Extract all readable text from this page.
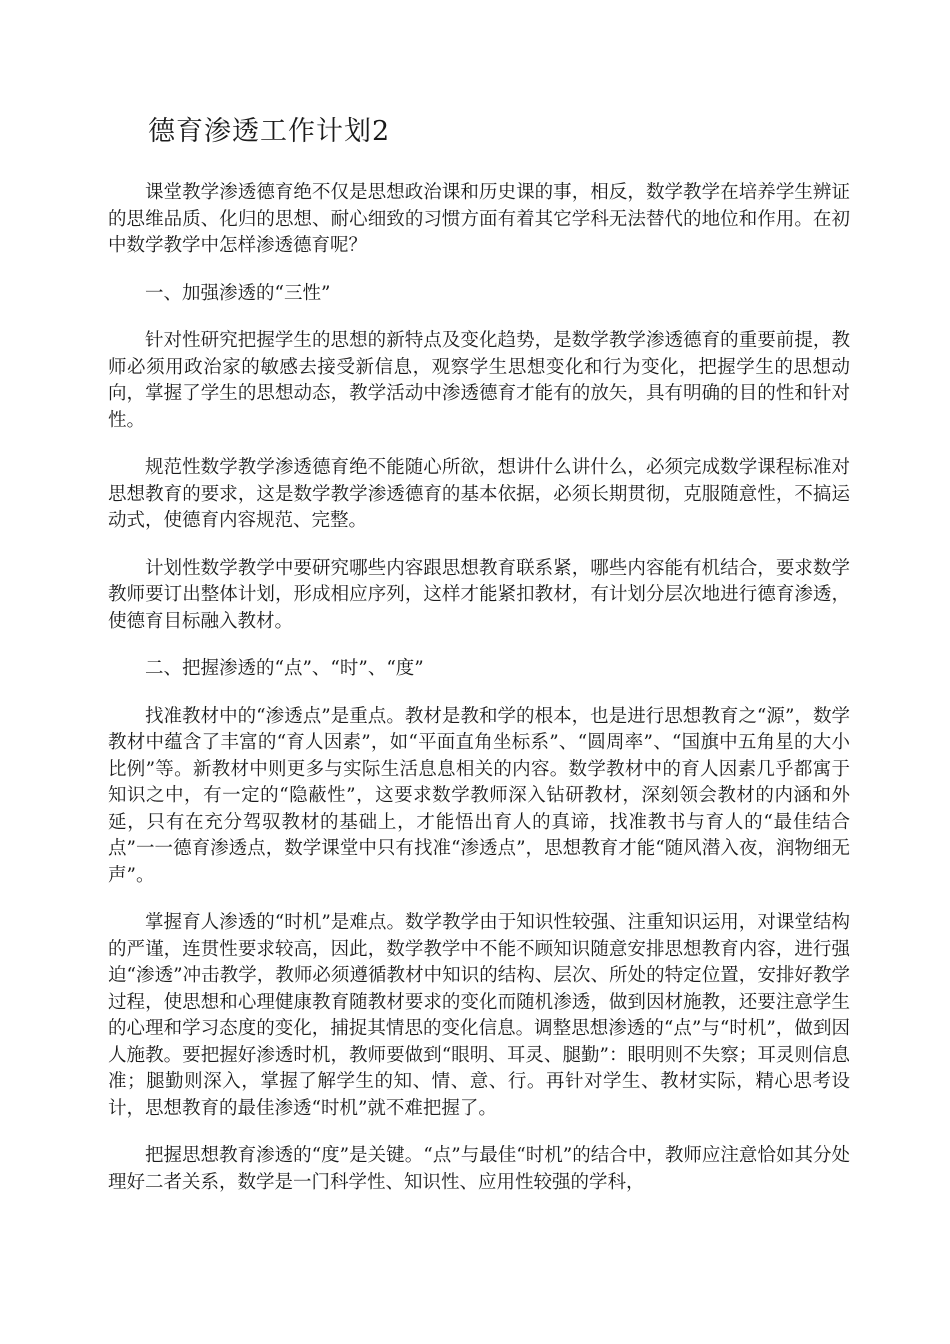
德育渗透工作计划2

课堂教学渗透德育绝不仅是思想政治课和历史课的事，相反，数学教学在培养学生辨证的思维品质、化归的思想、耐心细致的习惯方面有着其它学科无法替代的地位和作用。在初中数学教学中怎样渗透德育呢？

一、加强渗透的“三性”

针对性研究把握学生的思想的新特点及变化趋势，是数学教学渗透德育的重要前提，教师必须用政治家的敏感去接受新信息，观察学生思想变化和行为变化，把握学生的思想动向，掌握了学生的思想动态，教学活动中渗透德育才能有的放矢，具有明确的目的性和针对性。

规范性数学教学渗透德育绝不能随心所欲，想讲什么讲什么，必须完成数学课程标准对思想教育的要求，这是数学教学渗透德育的基本依据，必须长期贯彻，克服随意性，不搞运动式，使德育内容规范、完整。

计划性数学教学中要研究哪些内容跟思想教育联系紧，哪些内容能有机结合，要求数学教师要订出整体计划，形成相应序列，这样才能紧扣教材，有计划分层次地进行德育渗透，使德育目标融入教材。

二、把握渗透的“点”、“时”、“度”

找准教材中的“渗透点”是重点。教材是教和学的根本，也是进行思想教育之“源”，数学教材中蕴含了丰富的“育人因素”，如“平面直角坐标系”、“圆周率”、“国旗中五角星的大小比例”等。新教材中则更多与实际生活息息相关的内容。数学教材中的育人因素几乎都寓于知识之中，有一定的“隐蔽性”，这要求数学教师深入钻研教材，深刻领会教材的内涵和外延，只有在充分驾驭教材的基础上，才能悟出育人的真谛，找准教书与育人的“最佳结合点”一一德育渗透点，数学课堂中只有找准“渗透点”，思想教育才能“随风潜入夜，润物细无声”。

掌握育人渗透的“时机”是难点。数学教学由于知识性较强、注重知识运用，对课堂结构的严谨，连贯性要求较高，因此，数学教学中不能不顾知识随意安排思想教育内容，进行强迫“渗透”冲击教学，教师必须遵循教材中知识的结构、层次、所处的特定位置，安排好教学过程，使思想和心理健康教育随教材要求的变化而随机渗透，做到因材施教，还要注意学生的心理和学习态度的变化，捕捉其情思的变化信息。调整思想渗透的“点”与“时机”，做到因人施教。要把握好渗透时机，教师要做到“眼明、耳灵、腿勤”：眼明则不失察；耳灵则信息准；腿勤则深入，掌握了解学生的知、情、意、行。再针对学生、教材实际，精心思考设计，思想教育的最佳渗透“时机”就不难把握了。

把握思想教育渗透的“度”是关键。“点”与最佳“时机”的结合中，教师应注意恰如其分处理好二者关系，数学是一门科学性、知识性、应用性较强的学科，
